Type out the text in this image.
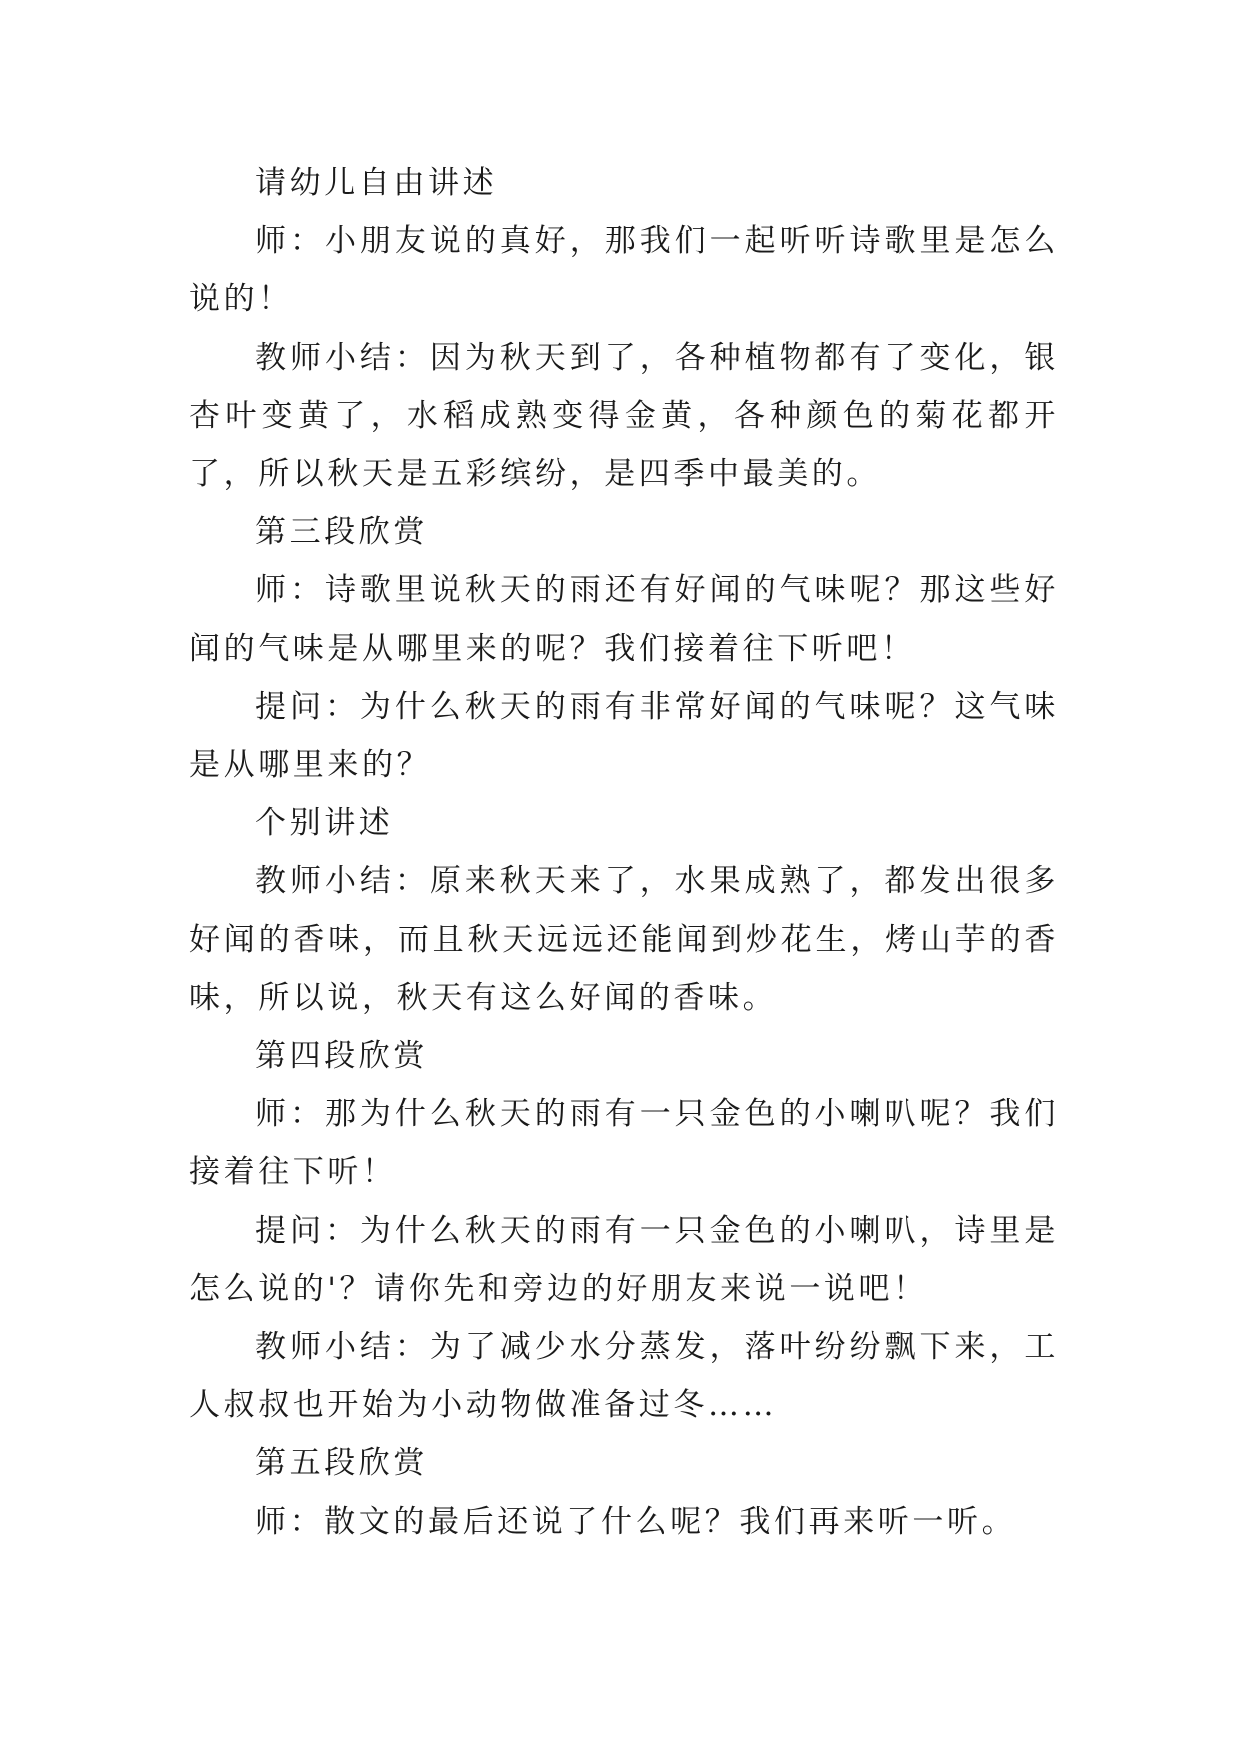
请幼儿自由讲述

师：小朋友说的真好，那我们一起听听诗歌里是怎么说的！

教师小结：因为秋天到了，各种植物都有了变化，银杏叶变黄了，水稻成熟变得金黄，各种颜色的菊花都开了，所以秋天是五彩缤纷，是四季中最美的。

第三段欣赏

师：诗歌里说秋天的雨还有好闻的气味呢？那这些好闻的气味是从哪里来的呢？我们接着往下听吧！

提问：为什么秋天的雨有非常好闻的气味呢？这气味是从哪里来的？

个别讲述

教师小结：原来秋天来了，水果成熟了，都发出很多好闻的香味，而且秋天远远还能闻到炒花生，烤山芋的香味，所以说，秋天有这么好闻的香味。

第四段欣赏

师：那为什么秋天的雨有一只金色的小喇叭呢？我们接着往下听！

提问：为什么秋天的雨有一只金色的小喇叭，诗里是怎么说的'？请你先和旁边的好朋友来说一说吧！

教师小结：为了减少水分蒸发，落叶纷纷飘下来，工人叔叔也开始为小动物做准备过冬……

第五段欣赏

师：散文的最后还说了什么呢？我们再来听一听。
